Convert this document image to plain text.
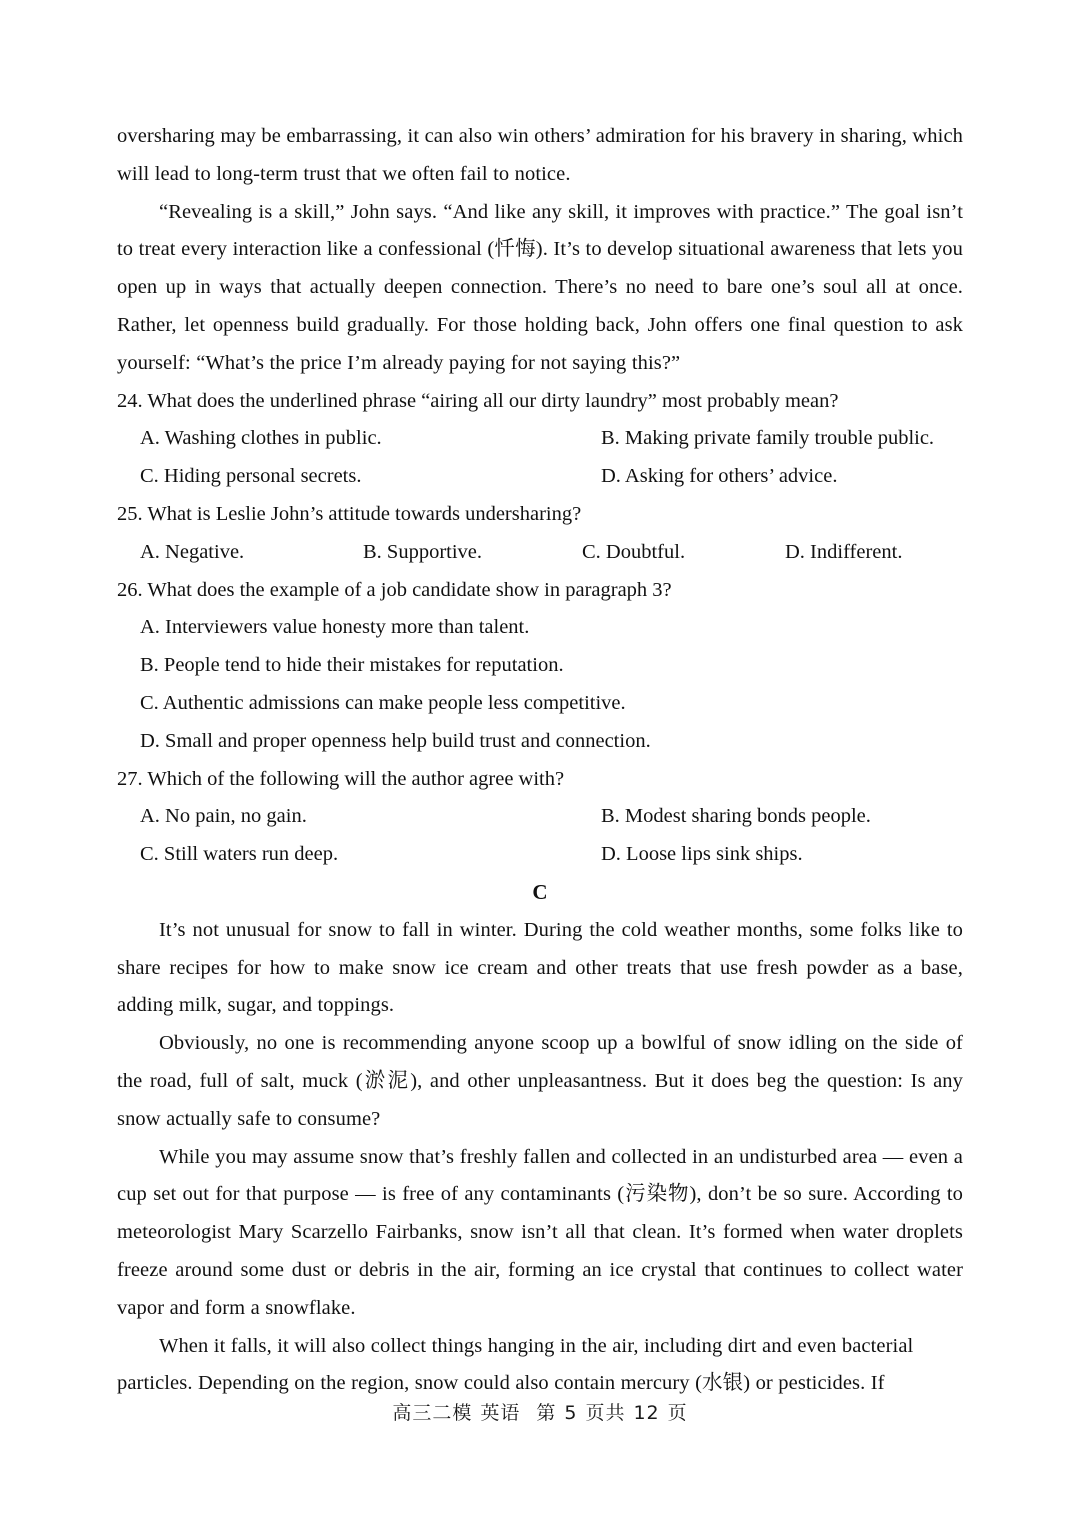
oversharing may be embarrassing, it can also win others’ admiration for his bravery in sharing, which will lead to long-term trust that we often fail to notice.

“Revealing is a skill,” John says. “And like any skill, it improves with practice.” The goal isn’t to treat every interaction like a confessional (忏悔). It’s to develop situational awareness that lets you open up in ways that actually deepen connection. There’s no need to bare one’s soul all at once. Rather, let openness build gradually. For those holding back, John offers one final question to ask yourself: “What’s the price I’m already paying for not saying this?”

24. What does the underlined phrase “airing all our dirty laundry” most probably mean?

A. Washing clothes in public.	B. Making private family trouble public.
C. Hiding personal secrets.	D. Asking for others’ advice.

25. What is Leslie John’s attitude towards undersharing?

A. Negative.	B. Supportive.	C. Doubtful.	D. Indifferent.

26. What does the example of a job candidate show in paragraph 3?

A. Interviewers value honesty more than talent.
B. People tend to hide their mistakes for reputation.
C. Authentic admissions can make people less competitive.
D. Small and proper openness help build trust and connection.

27. Which of the following will the author agree with?

A. No pain, no gain.	B. Modest sharing bonds people.
C. Still waters run deep.	D. Loose lips sink ships.

C

It’s not unusual for snow to fall in winter. During the cold weather months, some folks like to share recipes for how to make snow ice cream and other treats that use fresh powder as a base, adding milk, sugar, and toppings.

Obviously, no one is recommending anyone scoop up a bowlful of snow idling on the side of the road, full of salt, muck (淤泥), and other unpleasantness. But it does beg the question: Is any snow actually safe to consume?

While you may assume snow that’s freshly fallen and collected in an undisturbed area — even a cup set out for that purpose — is free of any contaminants (污染物), don’t be so sure. According to meteorologist Mary Scarzello Fairbanks, snow isn’t all that clean. It’s formed when water droplets freeze around some dust or debris in the air, forming an ice crystal that continues to collect water vapor and form a snowflake.

When it falls, it will also collect things hanging in the air, including dirt and even bacterial particles. Depending on the region, snow could also contain mercury (水银) or pesticides. If

高三二模 英语 第 5 页共 12 页
